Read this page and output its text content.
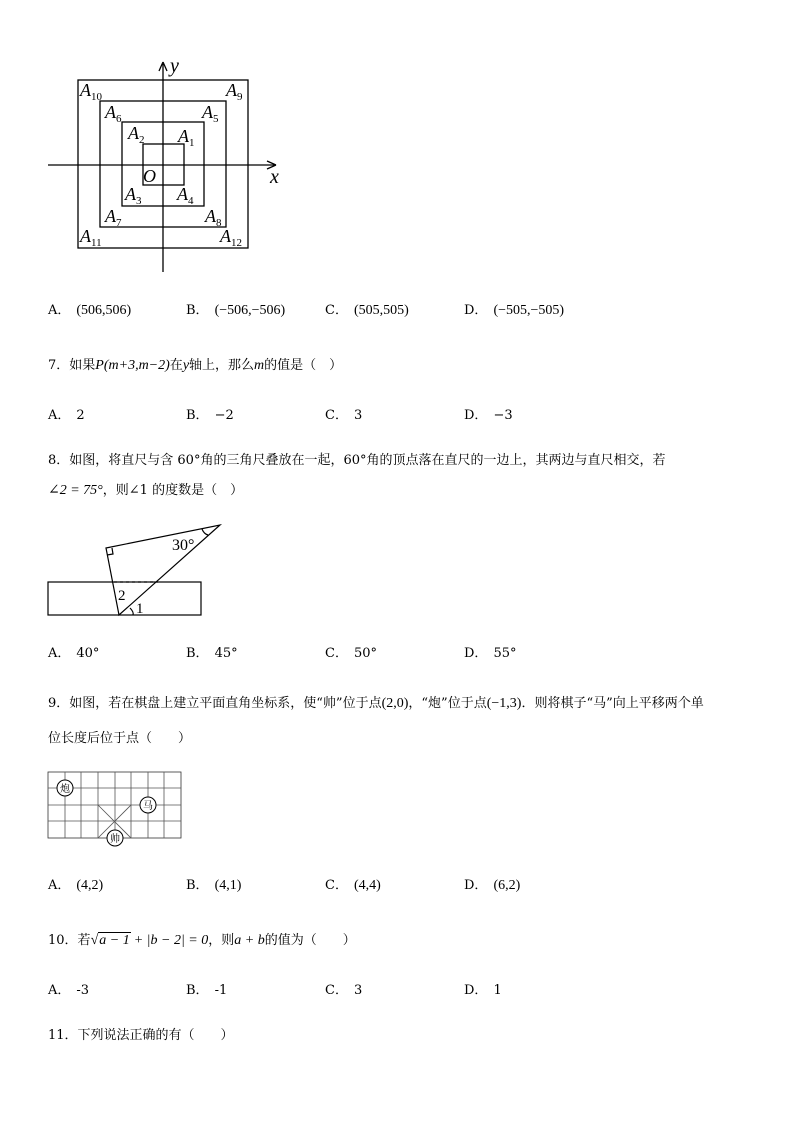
y
x
O
$A_1$
$A_2$
$A_3$ $A_4$
$A_5$
$A_6$
$A_7$	$A_8$
$A_9$
$A_{10}$
$A_{11}$	$A_{12}$
A． (506,506)	B． (−506,−506)	C． (505,505)	D． (−505,−505)
7．如果P(m+3,m−2)在y轴上，那么m的值是（　）
A． 2	B． −2	C． 3	D． −3
8．如图，将直尺与含 60°角的三角尺叠放在一起，60°角的顶点落在直尺的一边上，其两边与直尺相交，若
∠2 = 75°，则∠1 的度数是（　）
30°
2
1
A． 40°	B． 45°	C． 50°	D． 55°
9．如图，若在棋盘上建立平面直角坐标系，使“帅”位于点(2,0)，“炮”位于点(−1,3)．则将棋子“马”向上平移两个单
位长度后位于点（　　）
炮
马
帅
A． (4,2)	B． (4,1)	C． (4,4)	D． (6,2)
10．若√a − 1 + |b − 2| = 0，则a + b的值为（　　）
A． -3	B． -1	C． 3	D． 1
11．下列说法正确的有（　　）
